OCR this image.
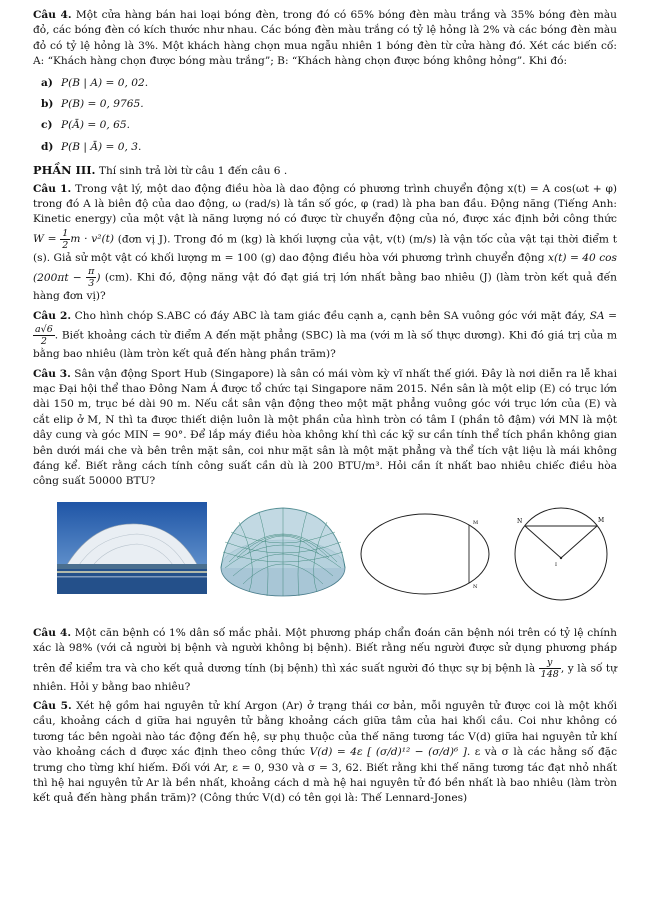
Câu 4. Một cửa hàng bán hai loại bóng đèn, trong đó có 65% bóng đèn màu trắng và 35% bóng đèn màu đỏ, các bóng đèn có kích thước như nhau. Các bóng đèn màu trắng có tỷ lệ hỏng là 2% và các bóng đèn màu đỏ có tỷ lệ hỏng là 3%. Một khách hàng chọn mua ngẫu nhiên 1 bóng đèn từ cửa hàng đó. Xét các biến cố: A: “Khách hàng chọn được bóng màu trắng”; B: “Khách hàng chọn được bóng không hỏng”. Khi đó:

a) P(B | A) = 0, 02.
b) P(B) = 0, 9765.
c) P(Ā) = 0, 65.
d) P(B | Ā) = 0, 3.

PHẦN III. Thí sinh trả lời từ câu 1 đến câu 6 .

Câu 1. Trong vật lý, một dao động điều hòa là dao động có phương trình chuyển động x(t) = A cos(ωt + φ) trong đó A là biên độ của dao động, ω (rad/s) là tần số góc, φ (rad) là pha ban đầu. Động năng (Tiếng Anh: Kinetic energy) của một vật là năng lượng nó có được từ chuyển động của nó, được xác định bởi công thức $W = \frac{1}{2}$ m · v²(t) (đơn vị J). Trong đó m (kg) là khối lượng của vật, v(t) (m/s) là vận tốc của vật tại thời điểm t (s). Giả sử một vật có khối lượng m = 100 (g) dao động điều hòa với phương trình chuyển động x(t) = 40 $\cos (200\pi t - \frac{\pi}{3}$ ) (cm). Khi đó, động năng vật đó đạt giá trị lớn nhất bằng bao nhiêu (J) (làm tròn kết quả đến hàng đơn vị)?

Câu 2. Cho hình chóp S.ABC có đáy ABC là tam giác đều cạnh a, cạnh bên SA vuông góc với mặt đáy, SA =
$\frac{a√6}{2}$ . Biết khoảng cách từ điểm A đến mặt phẳng (SBC) là ma (với m là số thực dương). Khi đó giá trị của m bằng bao nhiêu (làm tròn kết quả đến hàng phần trăm)?

Câu 3. Sân vận động Sport Hub (Singapore) là sân có mái vòm kỳ vĩ nhất thế giới. Đây là nơi diễn ra lễ khai mạc Đại hội thể thao Đông Nam Á được tổ chức tại Singapore năm 2015. Nền sân là một elip (E) có trục lớn dài 150 m, trục bé dài 90 m. Nếu cắt sân vận động theo một mặt phẳng vuông góc với trục lớn của (E) và cắt elip ở M, N thì ta được thiết diện luôn là một phần của hình tròn có tâm I (phần tô đậm) với MN là một dây cung và góc MIN = 90°. Để lắp máy điều hòa không khí thì các kỹ sư cần tính thể tích phần không gian bên dưới mái che và bên trên mặt sân, coi như mặt sân là một mặt phẳng và thể tích vật liệu là mái không đáng kể. Biết rằng cách tính công suất cần dù là 200 BTU/m³. Hỏi cần ít nhất bao nhiêu chiếc điều hòa công suất 50000 BTU?

M
N
N	M
I

Câu 4. Một căn bệnh có 1% dân số mắc phải. Một phương pháp chẩn đoán căn bệnh nói trên có tỷ lệ chính xác là 98% (với cả người bị bệnh và người không bị bệnh). Biết rằng nếu người được sử dụng phương pháp trên để kiểm tra và cho kết quả dương tính (bị bệnh) thì xác suất người đó thực sự bị bệnh là $\frac{y}{148}$ , y là số tự nhiên. Hỏi y bằng bao nhiêu?

Câu 5. Xét hệ gồm hai nguyên tử khí Argon (Ar) ở trạng thái cơ bản, mỗi nguyên tử được coi là một khối cầu, khoảng cách d giữa hai nguyên tử bằng khoảng cách giữa tâm của hai khối cầu. Coi như không có tương tác bên ngoài nào tác động đến hệ, sự phụ thuộc của thế năng tương tác V(d) giữa hai nguyên tử khí vào khoảng cách d được xác định theo công thức V(d) = 4ε [ (σ/d)¹² − (σ/d)⁶ ]. ε và σ là các hằng số đặc trưng cho từng khí hiếm. Đối với Ar, ε = 0, 930 và σ = 3, 62. Biết rằng khi thế năng tương tác đạt nhỏ nhất thì hệ hai nguyên tử Ar là bền nhất, khoảng cách d mà hệ hai nguyên tử đó bền nhất là bao nhiêu (làm tròn kết quả đến hàng phần trăm)? (Công thức V(d) có tên gọi là: Thế Lennard-Jones)
